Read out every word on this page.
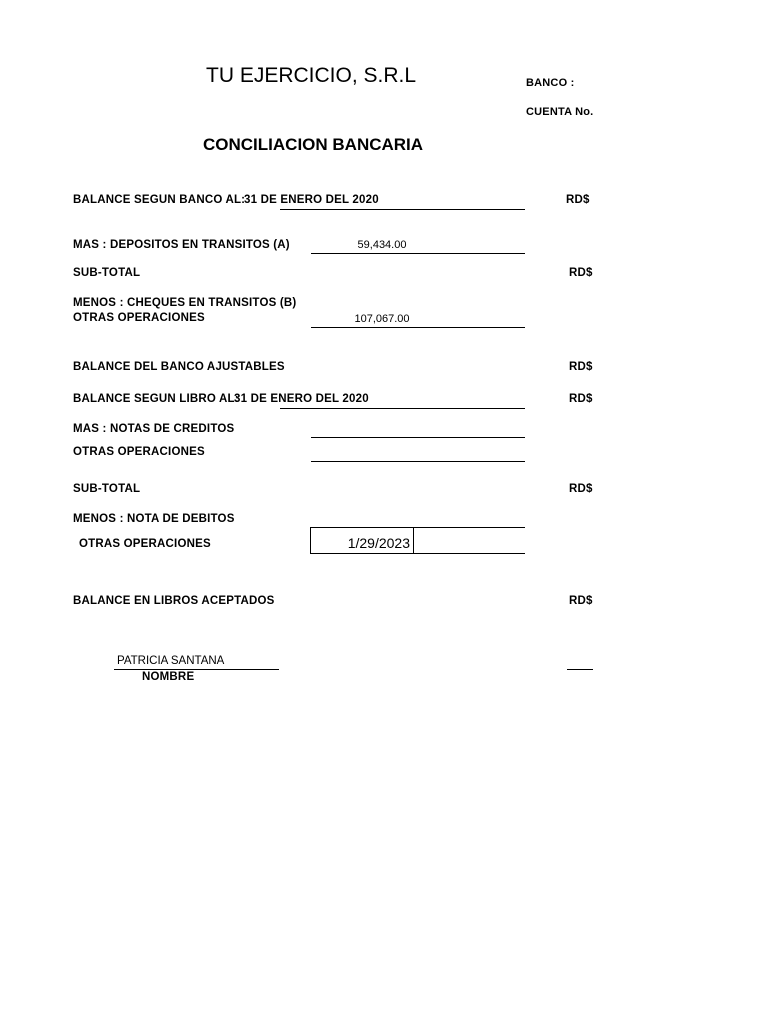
TU EJERCICIO, S.R.L	BANCO :
CUENTA No.
CONCILIACION BANCARIA
BALANCE SEGUN BANCO AL:
31 DE ENERO DEL 2020	RD$
MAS : DEPOSITOS EN TRANSITOS (A)	59,434.00
SUB-TOTAL	RD$
MENOS : CHEQUES EN TRANSITOS (B)
OTRAS OPERACIONES	107,067.00
BALANCE DEL BANCO AJUSTABLES	RD$
BALANCE SEGUN LIBRO AL:
31 DE ENERO DEL 2020	RD$
MAS : NOTAS DE CREDITOS
OTRAS OPERACIONES
SUB-TOTAL	RD$
MENOS : NOTA DE DEBITOS
OTRAS OPERACIONES	1/29/2023
BALANCE EN LIBROS ACEPTADOS	RD$
PATRICIA SANTANA
NOMBRE
